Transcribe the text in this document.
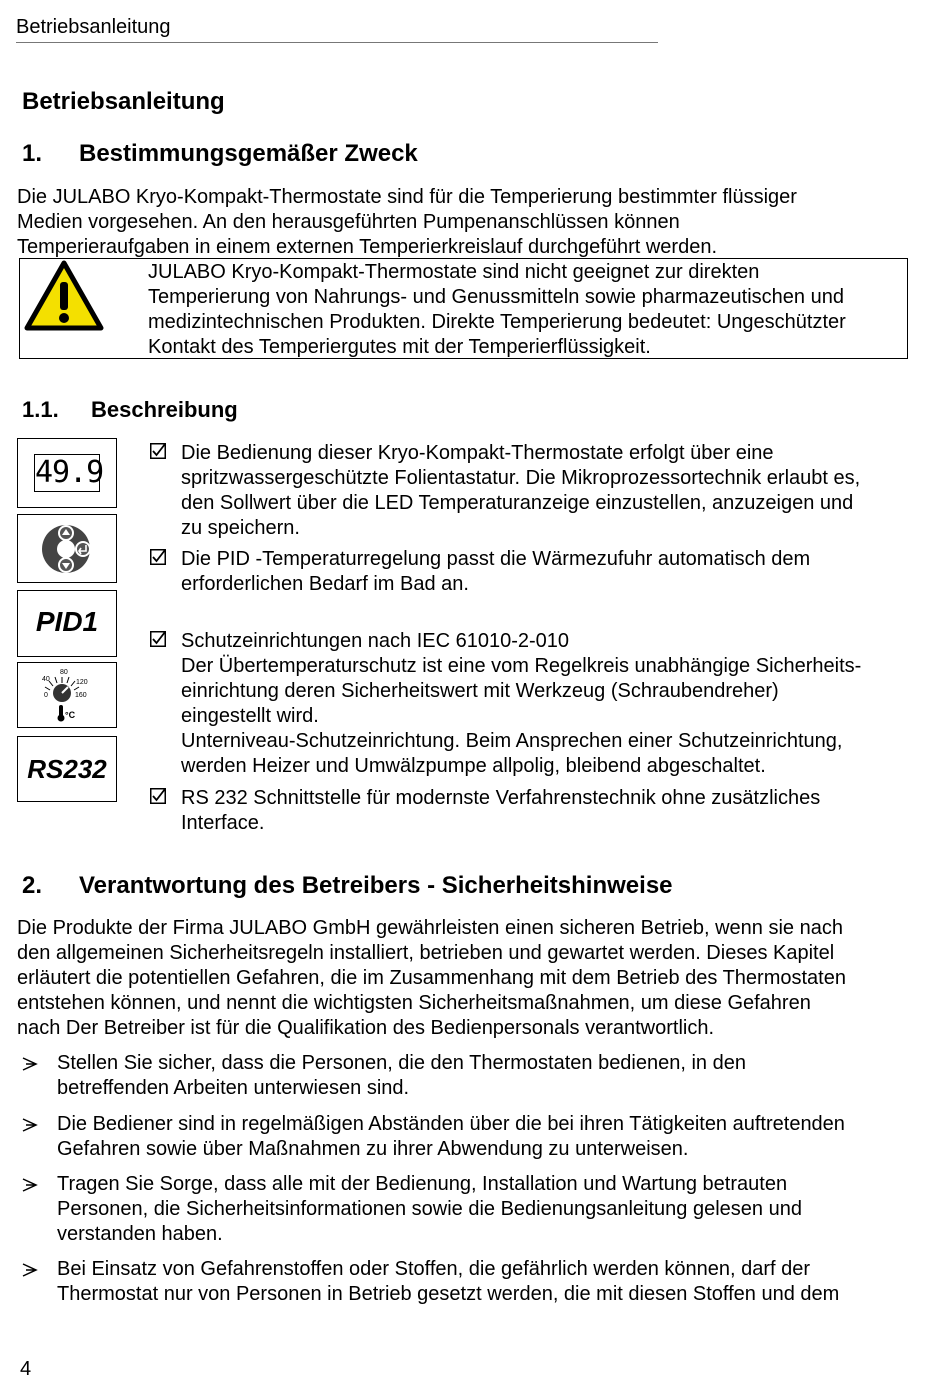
Betriebsanleitung
Betriebsanleitung
1. Bestimmungsgemäßer Zweck
Die JULABO Kryo-Kompakt-Thermostate sind für die Temperierung bestimmter flüssiger
Medien vorgesehen. An den herausgeführten Pumpenanschlüssen können
Temperieraufgaben in einem externen Temperierkreislauf durchgeführt werden.
JULABO Kryo-Kompakt-Thermostate sind nicht geeignet zur direkten
Temperierung von Nahrungs- und Genussmitteln sowie pharmazeutischen und
medizintechnischen Produkten. Direkte Temperierung bedeutet: Ungeschützter
Kontakt des Temperiergutes mit der Temperierflüssigkeit.
1.1. Beschreibung
49.9
PID1
80
40	120
0	160
°C
RS232
Die Bedienung dieser Kryo-Kompakt-Thermostate erfolgt über eine
spritzwassergeschützte Folientastatur. Die Mikroprozessortechnik erlaubt es,
den Sollwert über die LED Temperaturanzeige einzustellen, anzuzeigen und
zu speichern.
Die PID -Temperaturregelung passt die Wärmezufuhr automatisch dem
erforderlichen Bedarf im Bad an.
Schutzeinrichtungen nach IEC 61010-2-010
Der Übertemperaturschutz ist eine vom Regelkreis unabhängige Sicherheits-
einrichtung deren Sicherheitswert mit Werkzeug (Schraubendreher)
eingestellt wird.
Unterniveau-Schutzeinrichtung. Beim Ansprechen einer Schutzeinrichtung,
werden Heizer und Umwälzpumpe allpolig, bleibend abgeschaltet.
RS 232 Schnittstelle für modernste Verfahrenstechnik ohne zusätzliches
Interface.
2. Verantwortung des Betreibers - Sicherheitshinweise
Die Produkte der Firma JULABO GmbH gewährleisten einen sicheren Betrieb, wenn sie nach
den allgemeinen Sicherheitsregeln installiert, betrieben und gewartet werden. Dieses Kapitel
erläutert die potentiellen Gefahren, die im Zusammenhang mit dem Betrieb des Thermostaten
entstehen können, und nennt die wichtigsten Sicherheitsmaßnahmen, um diese Gefahren
nach Der Betreiber ist für die Qualifikation des Bedienpersonals verantwortlich.
Stellen Sie sicher, dass die Personen, die den Thermostaten bedienen, in den
betreffenden Arbeiten unterwiesen sind.
Die Bediener sind in regelmäßigen Abständen über die bei ihren Tätigkeiten auftretenden
Gefahren sowie über Maßnahmen zu ihrer Abwendung zu unterweisen.
Tragen Sie Sorge, dass alle mit der Bedienung, Installation und Wartung betrauten
Personen, die Sicherheitsinformationen sowie die Bedienungsanleitung gelesen und
verstanden haben.
Bei Einsatz von Gefahrenstoffen oder Stoffen, die gefährlich werden können, darf der
Thermostat nur von Personen in Betrieb gesetzt werden, die mit diesen Stoffen und dem
4
